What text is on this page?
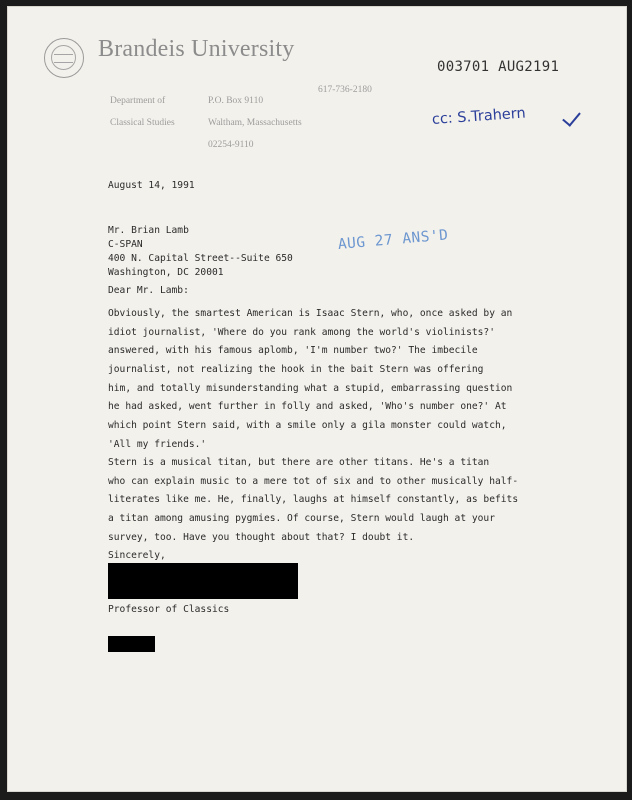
Brandeis University

Department of

Classical Studies

P.O. Box 9110

Waltham, Massachusetts

02254-9110

617-736-2180
003701 AUG2191
cc: S.Trahern
AUG 27 ANS'D
August 14, 1991
Mr. Brian Lamb
C-SPAN
400 N. Capital Street--Suite 650
Washington, DC 20001
Dear Mr. Lamb:
Obviously, the smartest American is Isaac Stern, who, once asked by an
idiot journalist, 'Where do you rank among the world's violinists?'
answered, with his famous aplomb, 'I'm number two?' The imbecile
journalist, not realizing the hook in the bait Stern was offering
him, and totally misunderstanding what a stupid, embarrassing question
he had asked, went further in folly and asked, 'Who's number one?' At
which point Stern said, with a smile only a gila monster could watch,
'All my friends.'
Stern is a musical titan, but there are other titans. He's a titan
who can explain music to a mere tot of six and to other musically half-
literates like me. He, finally, laughs at himself constantly, as befits
a titan among amusing pygmies. Of course, Stern would laugh at your
survey, too. Have you thought about that? I doubt it.
Sincerely,
Professor of Classics
